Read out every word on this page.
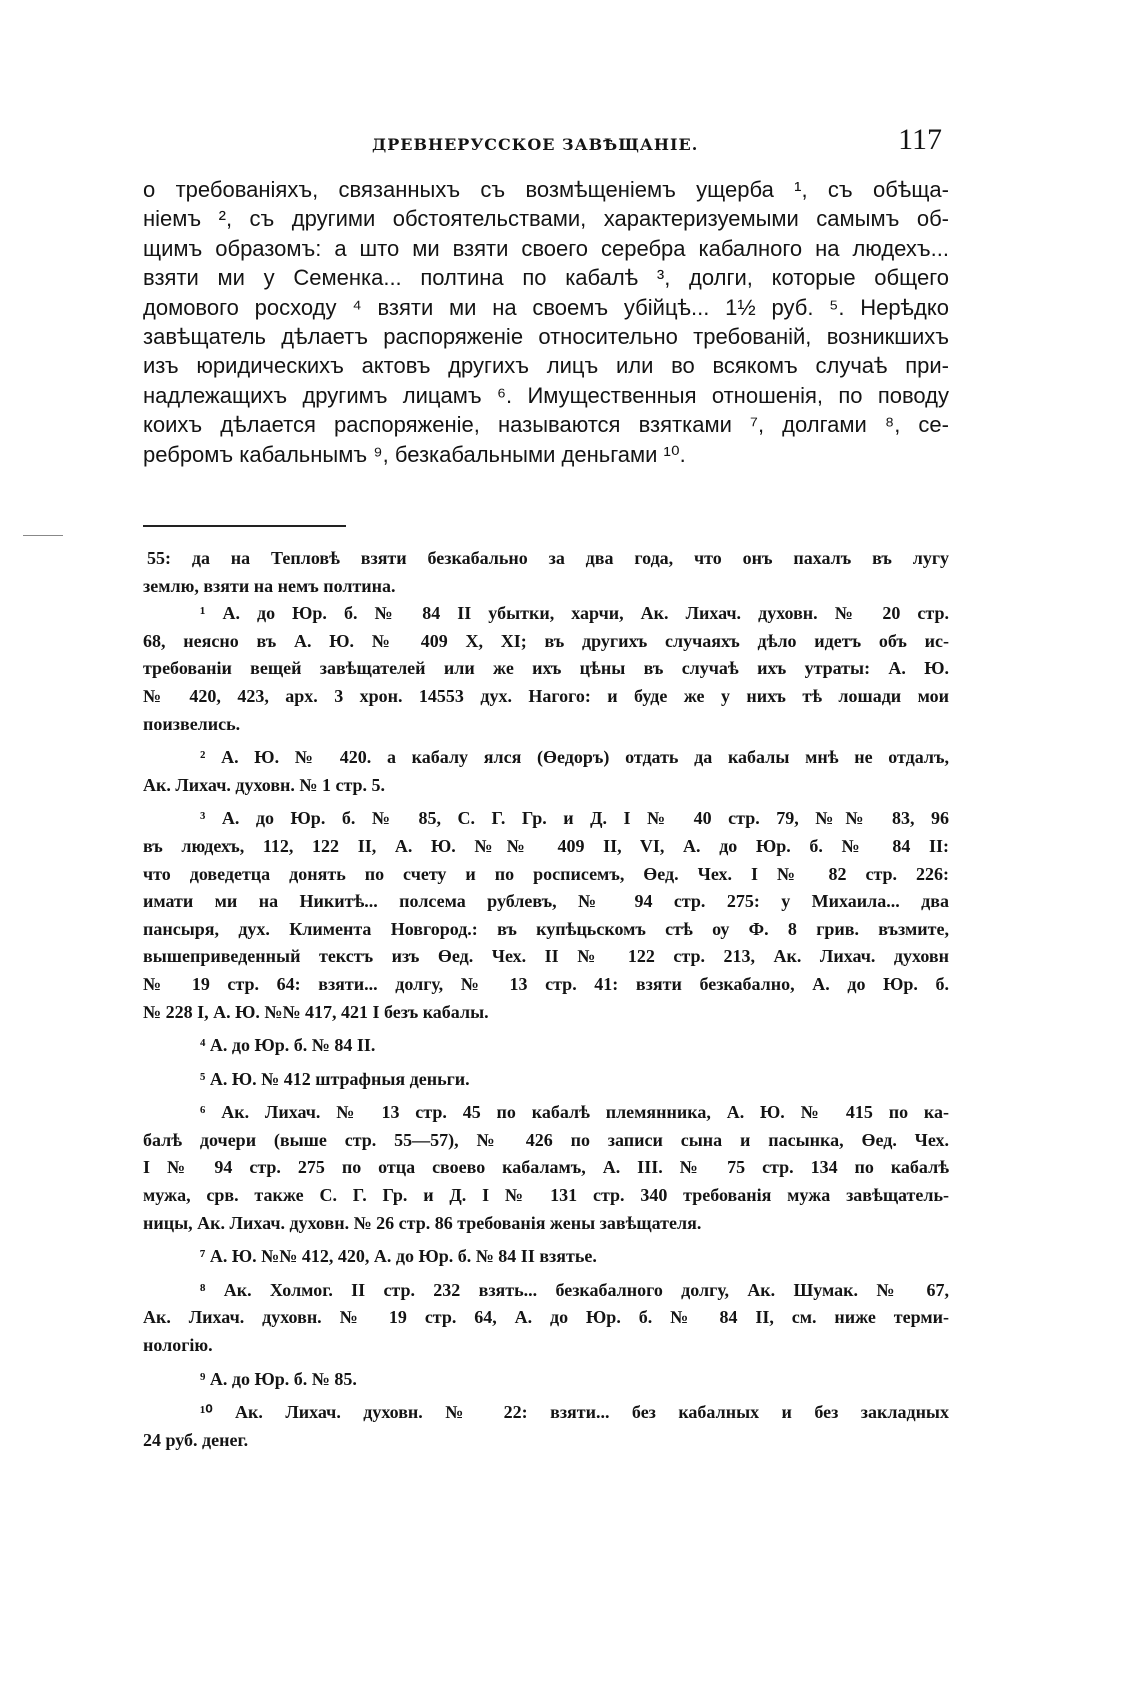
ДРЕВНЕРУССКОЕ ЗАВѢЩАНІЕ.	117
о требованіяхъ, связанныхъ съ возмѣщеніемъ ущерба ¹, съ обѣща-
ніемъ ², съ другими обстоятельствами, характеризуемыми самымъ об-
щимъ образомъ: а што ми взяти своего серебра кабалного на людехъ...
взяти ми у Семенка... полтина по кабалѣ ³, долги, которые общего
домового росходу ⁴ взяти ми на своемъ убійцѣ... 1½ руб. ⁵. Нерѣдко
завѣщатель дѣлаетъ распоряженіе относительно требованій, возникшихъ
изъ юридическихъ актовъ другихъ лицъ или во всякомъ случаѣ при-
надлежащихъ другимъ лицамъ ⁶. Имущественныя отношенія, по поводу
коихъ дѣлается распоряженіе, называются взятками ⁷, долгами ⁸, се-
ребромъ кабальнымъ ⁹, безкабальными деньгами ¹⁰.
55: да на Тепловѣ взяти безкабально за два года, что онъ пахалъ въ лугу
землю, взяти на немъ полтина.
¹ А. до Юр. б. № 84 II убытки, харчи, Ак. Лихач. духовн. № 20 стр.
68, неясно въ А. Ю. № 409 X, XI; въ другихъ случаяхъ дѣло идетъ объ ис-
требованіи вещей завѣщателей или же ихъ цѣны въ случаѣ ихъ утраты: А. Ю.
№ 420, 423, арх. 3 хрон. 14553 дух. Нагого: и буде же у нихъ тѣ лошади мои
поизвелись.
² А. Ю. № 420. а кабалу ялся (Өедоръ) отдать да кабалы мнѣ не отдалъ,
Ак. Лихач. духовн. № 1 стр. 5.
³ А. до Юр. б. № 85, С. Г. Гр. и Д. I № 40 стр. 79, №№ 83, 96
въ людехъ, 112, 122 II, А. Ю. №№ 409 II, VI, А. до Юр. б. № 84 II:
что доведетца донять по счету и по росписемъ, Өед. Чех. I № 82 стр. 226:
имати ми на Никитѣ... полсема рублевъ, № 94 стр. 275: у Михаила... два
пансыря, дух. Климента Новгород.: въ купѣцьскомъ стѣ оу Ф. 8 грив. възмите,
вышеприведенный текстъ изъ Өед. Чех. II № 122 стр. 213, Ак. Лихач. духовн
№ 19 стр. 64: взяти... долгу, № 13 стр. 41: взяти безкабално, А. до Юр. б.
№ 228 I, А. Ю. №№ 417, 421 I безъ кабалы.
⁴ А. до Юр. б. № 84 II.
⁵ А. Ю. № 412 штрафныя деньги.
⁶ Ак. Лихач. № 13 стр. 45 по кабалѣ племянника, А. Ю. № 415 по ка-
балѣ дочери (выше стр. 55—57), № 426 по записи сына и пасынка, Өед. Чех.
I № 94 стр. 275 по отца своево кабаламъ, А. III. № 75 стр. 134 по кабалѣ
мужа, срв. также С. Г. Гр. и Д. I № 131 стр. 340 требованія мужа завѣщатель-
ницы, Ак. Лихач. духовн. № 26 стр. 86 требованія жены завѣщателя.
⁷ А. Ю. №№ 412, 420, А. до Юр. б. № 84 II взятье.
⁸ Ак. Холмог. II стр. 232 взять... безкабалного долгу, Ак. Шумак. № 67,
Ак. Лихач. духовн. № 19 стр. 64, А. до Юр. б. № 84 II, см. ниже терми-
нологію.
⁹ А. до Юр. б. № 85.
¹⁰ Ак. Лихач. духовн. № 22: взяти... без кабалных и без закладных
24 руб. денег.
